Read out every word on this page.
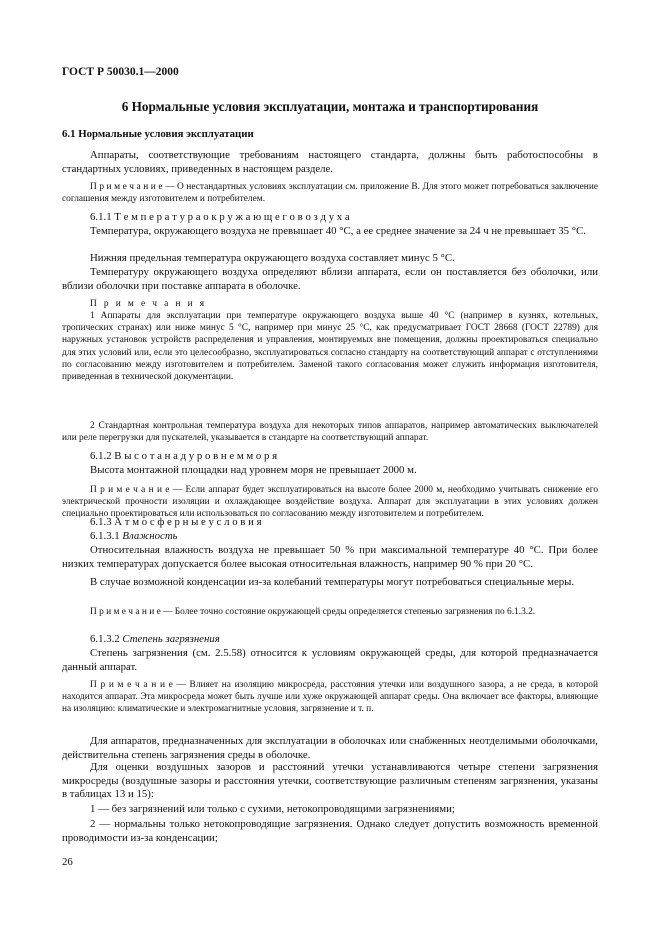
ГОСТ Р 50030.1—2000
6 Нормальные условия эксплуатации, монтажа и транспортирования
6.1 Нормальные условия эксплуатации

Аппараты, соответствующие требованиям настоящего стандарта, должны быть работоспособны в стандартных условиях, приведенных в настоящем разделе.

П р и м е ч а н и е — О нестандартных условиях эксплуатации см. приложение В. Для этого может потребоваться заключение соглашения между изготовителем и потребителем.

6.1.1 Т е м п е р а т у р а о к р у ж а ю щ е г о в о з д у х а

Температура, окружающего воздуха не превышает 40 °С, а ее среднее значение за 24 ч не превышает 35 °С.

Нижняя предельная температура окружающего воздуха составляет минус 5 °С.

Температуру окружающего воздуха определяют вблизи аппарата, если он поставляется без оболочки, или вблизи оболочки при поставке аппарата в оболочке.

П р и м е ч а н и я

1 Аппараты для эксплуатации при температуре окружающего воздуха выше 40 °С (например в кузнях, котельных, тропических странах) или ниже минус 5 °С, например при минус 25 °С, как предусматривает ГОСТ 28668 (ГОСТ 22789) для наружных установок устройств распределения и управления, монтируемых вне помещения, должны проектироваться специально для этих условий или, если это целесообразно, эксплуатироваться согласно стандарту на соответствующий аппарат с отступлениями по согласованию между изготовителем и потребителем. Заменой такого согласования может служить информация изготовителя, приведенная в технической документации.

2 Стандартная контрольная температура воздуха для некоторых типов аппаратов, например автоматических выключателей или реле перегрузки для пускателей, указывается в стандарте на соответствующий аппарат.

6.1.2 В ы с о т а н а д у р о в н е м м о р я

Высота монтажной площадки над уровнем моря не превышает 2000 м.

П р и м е ч а н и е — Если аппарат будет эксплуатироваться на высоте более 2000 м, необходимо учитывать снижение его электрической прочности изоляции и охлаждающее воздействие воздуха. Аппарат для эксплуатации в этих условиях должен специально проектироваться или использоваться по согласованию между изготовителем и потребителем.

6.1.3 А т м о с ф е р н ы е у с л о в и я

6.1.3.1 Влажность

Относительная влажность воздуха не превышает 50 % при максимальной температуре 40 °С. При более низких температурах допускается более высокая относительная влажность, например 90 % при 20 °С.

В случае возможной конденсации из-за колебаний температуры могут потребоваться специальные меры.

П р и м е ч а н и е — Более точно состояние окружающей среды определяется степенью загрязнения по 6.1.3.2.

6.1.3.2 Степень загрязнения

Степень загрязнения (см. 2.5.58) относится к условиям окружающей среды, для которой предназначается данный аппарат.

П р и м е ч а н и е — Влияет на изоляцию микросреда, расстояния утечки или воздушного зазора, а не среда, в которой находится аппарат. Эта микросреда может быть лучше или хуже окружающей аппарат среды. Она включает все факторы, влияющие на изоляцию: климатические и электромагнитные условия, загрязнение и т. п.

Для аппаратов, предназначенных для эксплуатации в оболочках или снабженных неотделимыми оболочками, действительна степень загрязнения среды в оболочке.

Для оценки воздушных зазоров и расстояний утечки устанавливаются четыре степени загрязнения микросреды (воздушные зазоры и расстояния утечки, соответствующие различным степеням загрязнения, указаны в таблицах 13 и 15):

1 — без загрязнений или только с сухими, нетокопроводящими загрязнениями;

2 — нормальны только нетокопроводящие загрязнения. Однако следует допустить возможность временной проводимости из-за конденсации;

26
